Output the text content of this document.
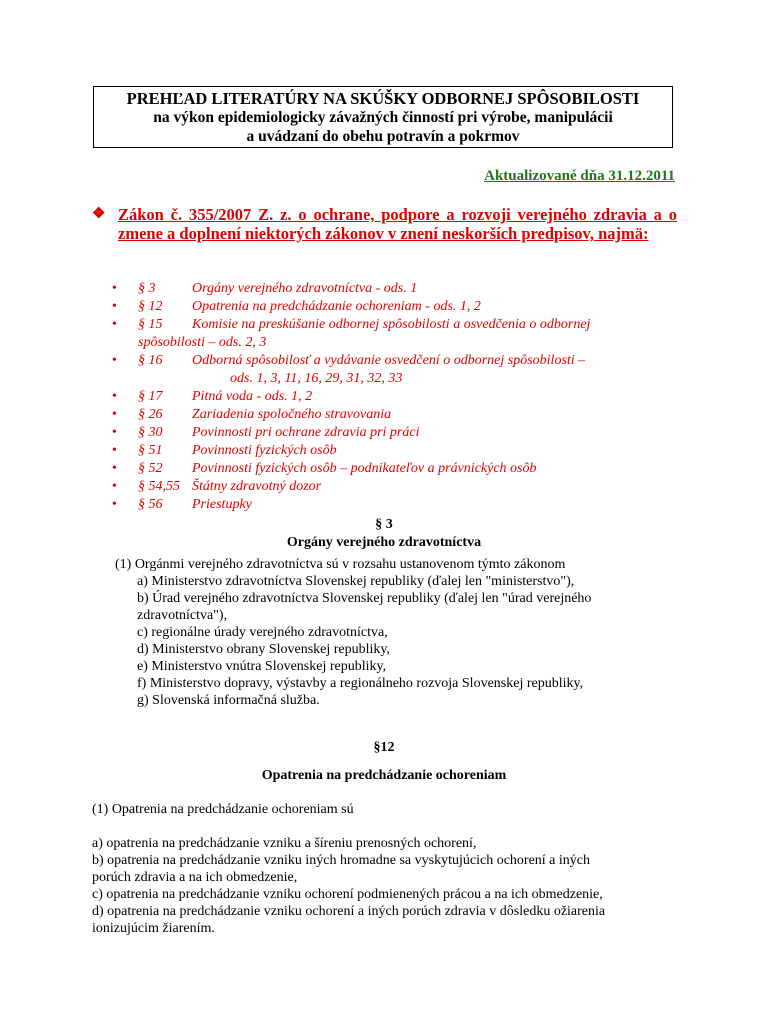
PREHĽAD LITERATÚRY NA SKÚŠKY ODBORNEJ SPÔSOBILOSTI
na výkon epidemiologicky závažných činností pri výrobe, manipulácii
a uvádzaní do obehu potravín a pokrmov
Aktualizované dňa 31.12.2011
❖ Zákon č. 355/2007 Z. z. o ochrane, podpore a rozvoji verejného zdravia a o zmene a doplnení niektorých zákonov v znení neskorších predpisov, najmä:
• § 3	Orgány verejného zdravotníctva - ods. 1
• § 12 Opatrenia na predchádzanie ochoreniam - ods. 1, 2
• § 15 Komisie na preskúšanie odbornej spôsobilosti a osvedčenia o odbornej
spôsobilosti – ods. 2, 3
• § 16 Odborná spôsobilosť a vydávanie osvedčení o odbornej spôsobilosti –
ods. 1, 3, 11, 16, 29, 31, 32, 33
• § 17 Pitná voda - ods. 1, 2
• § 26 Zariadenia spoločného stravovania
• § 30 Povinnosti pri ochrane zdravia pri práci
• § 51 Povinnosti fyzických osôb
• § 52 Povinnosti fyzických osôb – podnikateľov a právnických osôb
• § 54,55 Štátny zdravotný dozor
• § 56 Priestupky
§ 3
Orgány verejného zdravotníctva
(1) Orgánmi verejného zdravotníctva sú v rozsahu ustanovenom týmto zákonom
a) Ministerstvo zdravotníctva Slovenskej republiky (ďalej len "ministerstvo"),
b) Úrad verejného zdravotníctva Slovenskej republiky (ďalej len "úrad verejného
zdravotníctva"),
c) regionálne úrady verejného zdravotníctva,
d) Ministerstvo obrany Slovenskej republiky,
e) Ministerstvo vnútra Slovenskej republiky,
f) Ministerstvo dopravy, výstavby a regionálneho rozvoja Slovenskej republiky,
g) Slovenská informačná služba.
§12
Opatrenia na predchádzanie ochoreniam
(1) Opatrenia na predchádzanie ochoreniam sú
a) opatrenia na predchádzanie vzniku a šíreniu prenosných ochorení,
b) opatrenia na predchádzanie vzniku iných hromadne sa vyskytujúcich ochorení a iných
porúch zdravia a na ich obmedzenie,
c) opatrenia na predchádzanie vzniku ochorení podmienených prácou a na ich obmedzenie,
d) opatrenia na predchádzanie vzniku ochorení a iných porúch zdravia v dôsledku ožiarenia
ionizujúcim žiarením.
